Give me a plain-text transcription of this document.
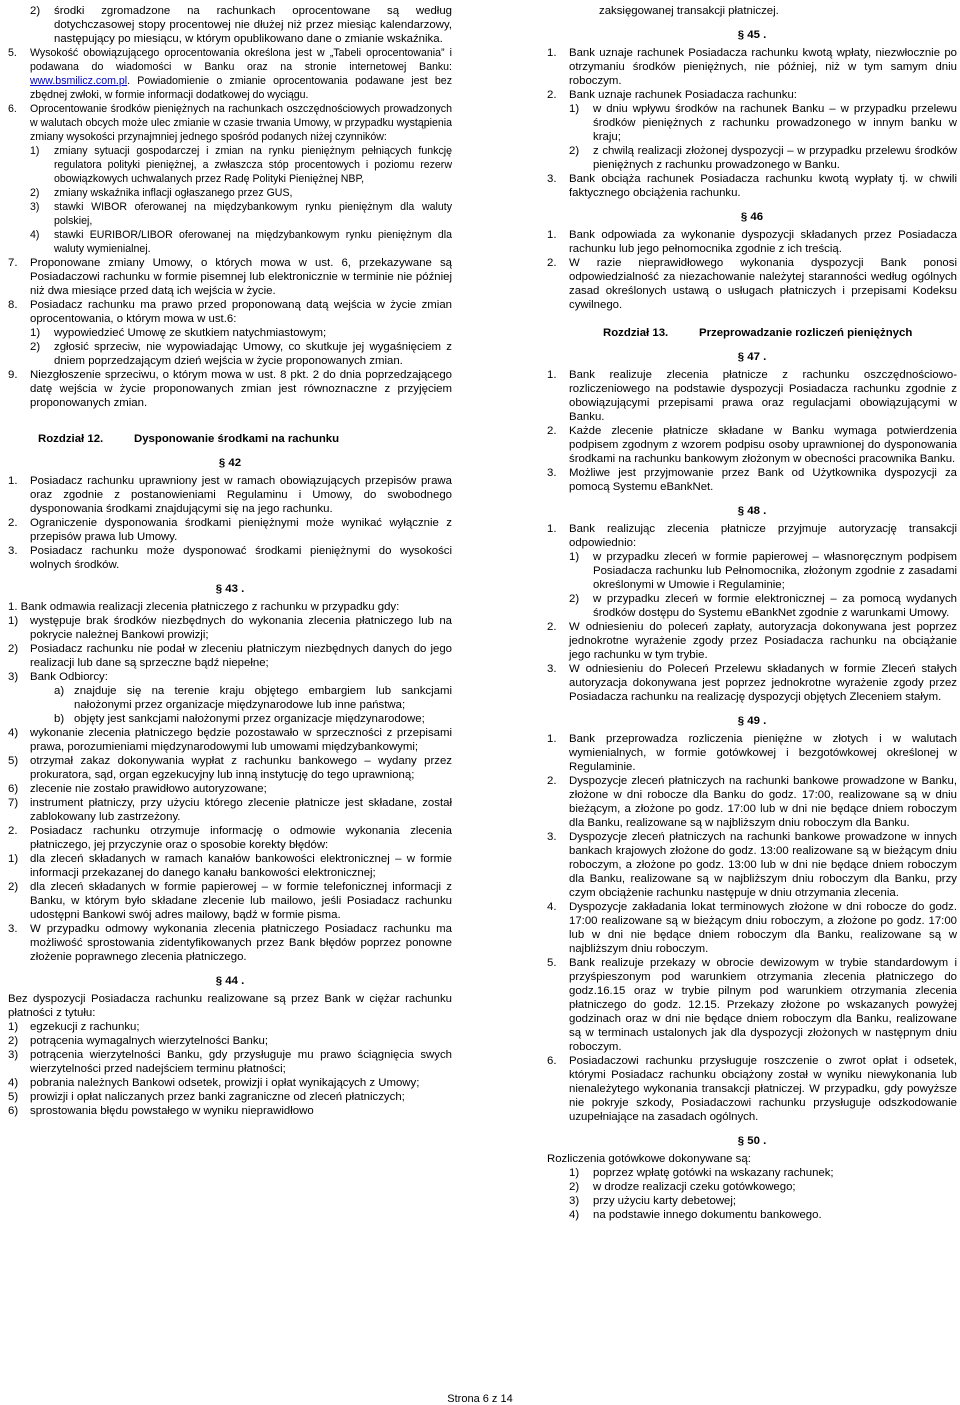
2)	środki zgromadzone na rachunkach oprocentowane są według dotychczasowej stopy procentowej nie dłużej niż przez miesiąc kalendarzowy, następujący po miesiącu, w którym opublikowano dane o zmianie wskaźnika.
5.	Wysokość obowiązującego oprocentowania określona jest w „Tabeli oprocentowania” i podawana do wiadomości w Banku oraz na stronie internetowej Banku: www.bsmilicz.com.pl. Powiadomienie o zmianie oprocentowania podawane jest bez zbędnej zwłoki, w formie informacji dodatkowej do wyciągu.
6.	Oprocentowanie środków pieniężnych na rachunkach oszczędnościowych prowadzonych w walutach obcych może ulec zmianie w czasie trwania Umowy, w przypadku wystąpienia zmiany wysokości przynajmniej jednego spośród podanych niżej czynników:
1)	zmiany sytuacji gospodarczej i zmian na rynku pieniężnym pełniących funkcję regulatora polityki pieniężnej, a zwłaszcza stóp procentowych i poziomu rezerw obowiązkowych uchwalanych przez Radę Polityki Pieniężnej NBP,
2)	zmiany wskaźnika inflacji ogłaszanego przez GUS,
3)	stawki WIBOR oferowanej na międzybankowym rynku pieniężnym dla waluty polskiej,
4)	stawki EURIBOR/LIBOR oferowanej na międzybankowym rynku pieniężnym dla waluty wymienialnej.
7.	Proponowane zmiany Umowy, o których mowa w ust. 6, przekazywane są Posiadaczowi rachunku w formie pisemnej lub elektronicznie w terminie nie później niż dwa miesiące przed datą ich wejścia w życie.
8.	Posiadacz rachunku ma prawo przed proponowaną datą wejścia w życie zmian oprocentowania, o którym mowa w ust.6:
1)	wypowiedzieć Umowę ze skutkiem natychmiastowym;
2)	zgłosić sprzeciw, nie wypowiadając Umowy, co skutkuje jej wygaśnięciem z dniem poprzedzającym dzień wejścia w życie proponowanych zmian.
9.	Niezgłoszenie sprzeciwu, o którym mowa w ust. 8 pkt. 2 do dnia poprzedzającego datę wejścia w życie proponowanych zmian jest równoznaczne z przyjęciem proponowanych zmian.
Rozdział 12.	Dysponowanie środkami na rachunku
§ 42
1.	Posiadacz rachunku uprawniony jest w ramach obowiązujących przepisów prawa oraz zgodnie z postanowieniami Regulaminu i Umowy, do swobodnego dysponowania środkami znajdującymi się na jego rachunku.
2.	Ograniczenie dysponowania środkami pieniężnymi może wynikać wyłącznie z przepisów prawa lub Umowy.
3.	Posiadacz rachunku może dysponować środkami pieniężnymi do wysokości wolnych środków.
§ 43 .

1. Bank odmawia realizacji zlecenia płatniczego z rachunku w przypadku gdy:

1)	występuje brak środków niezbędnych do wykonania zlecenia płatniczego lub na pokrycie należnej Bankowi prowizji;
2)	Posiadacz rachunku nie podał w zleceniu płatniczym niezbędnych danych do jego realizacji lub dane są sprzeczne bądź niepełne;
3)	Bank Odbiorcy:
a) znajduje się na terenie kraju objętego embargiem lub sankcjami nałożonymi przez organizacje międzynarodowe lub inne państwa;
b) objęty jest sankcjami nałożonymi przez organizacje międzynarodowe;
4)	wykonanie zlecenia płatniczego będzie pozostawało w sprzeczności z przepisami prawa, porozumieniami międzynarodowymi lub umowami międzybankowymi;
5)	otrzymał zakaz dokonywania wypłat z rachunku bankowego – wydany przez prokuratora, sąd, organ egzekucyjny lub inną instytucję do tego uprawnioną;
6)	zlecenie nie zostało prawidłowo autoryzowane;
7)	instrument płatniczy, przy użyciu którego zlecenie płatnicze jest składane, został zablokowany lub zastrzeżony.
2.	Posiadacz rachunku otrzymuje informację o odmowie wykonania zlecenia płatniczego, jej przyczynie oraz o sposobie korekty błędów:
1)	dla zleceń składanych w ramach kanałów bankowości elektronicznej – w formie informacji przekazanej do danego kanału bankowości elektronicznej;
2)	dla zleceń składanych w formie papierowej – w formie telefonicznej informacji z Banku, w którym było składane zlecenie lub mailowo, jeśli Posiadacz rachunku udostępni Bankowi swój adres mailowy, bądź w formie pisma.
3.	W przypadku odmowy wykonania zlecenia płatniczego Posiadacz rachunku ma możliwość sprostowania zidentyfikowanych przez Bank błędów poprzez ponowne złożenie poprawnego zlecenia płatniczego.
§ 44 .

Bez dyspozycji Posiadacza rachunku realizowane są przez Bank w ciężar rachunku płatności z tytułu:

1)	egzekucji z rachunku;
2)	potrącenia wymagalnych wierzytelności Banku;
3)	potrącenia wierzytelności Banku, gdy przysługuje mu prawo ściągnięcia swych wierzytelności przed nadejściem terminu płatności;
4)	pobrania należnych Bankowi odsetek, prowizji i opłat wynikających z Umowy;
5)	prowizji i opłat naliczanych przez banki zagraniczne od zleceń płatniczych;
6)	sprostowania błędu powstałego w wyniku nieprawidłowo

zaksięgowanej transakcji płatniczej.

§ 45 .
1.	Bank uznaje rachunek Posiadacza rachunku kwotą wpłaty, niezwłocznie po otrzymaniu środków pieniężnych, nie później, niż w tym samym dniu roboczym.
2.	Bank uznaje rachunek Posiadacza rachunku:
1)	w dniu wpływu środków na rachunek Banku – w przypadku przelewu środków pieniężnych z rachunku prowadzonego w innym banku w kraju;
2)	z chwilą realizacji złożonej dyspozycji – w przypadku przelewu środków pieniężnych z rachunku prowadzonego w Banku.
3.	Bank obciąża rachunek Posiadacza rachunku kwotą wypłaty tj. w chwili faktycznego obciążenia rachunku.
§ 46
1.	Bank odpowiada za wykonanie dyspozycji składanych przez Posiadacza rachunku lub jego pełnomocnika zgodnie z ich treścią.
2.	W razie nieprawidłowego wykonania dyspozycji Bank ponosi odpowiedzialność za niezachowanie należytej staranności według ogólnych zasad określonych ustawą o usługach płatniczych i przepisami Kodeksu cywilnego.
Rozdział 13.	Przeprowadzanie rozliczeń pieniężnych
§ 47 .
1.	Bank realizuje zlecenia płatnicze z rachunku oszczędnościowo-rozliczeniowego na podstawie dyspozycji Posiadacza rachunku zgodnie z obowiązującymi przepisami prawa oraz regulacjami obowiązującymi w Banku.
2.	Każde zlecenie płatnicze składane w Banku wymaga potwierdzenia podpisem zgodnym z wzorem podpisu osoby uprawnionej do dysponowania środkami na rachunku bankowym złożonym w obecności pracownika Banku.
3.	Możliwe jest przyjmowanie przez Bank od Użytkownika dyspozycji za pomocą Systemu eBankNet.
§ 48 .
1.	Bank realizując zlecenia płatnicze przyjmuje autoryzację transakcji odpowiednio:
1)	w przypadku zleceń w formie papierowej – własnoręcznym podpisem Posiadacza rachunku lub Pełnomocnika, złożonym zgodnie z zasadami określonymi w Umowie i Regulaminie;
2)	w przypadku zleceń w formie elektronicznej – za pomocą wydanych środków dostępu do Systemu eBankNet zgodnie z warunkami Umowy.
2.	W odniesieniu do poleceń zapłaty, autoryzacja dokonywana jest poprzez jednokrotne wyrażenie zgody przez Posiadacza rachunku na obciążanie jego rachunku w tym trybie.
3.	W odniesieniu do Poleceń Przelewu składanych w formie Zleceń stałych autoryzacja dokonywana jest poprzez jednokrotne wyrażenie zgody przez Posiadacza rachunku na realizację dyspozycji objętych Zleceniem stałym.
§ 49 .
1.	Bank przeprowadza rozliczenia pieniężne w złotych i w walutach wymienialnych, w formie gotówkowej i bezgotówkowej określonej w Regulaminie.
2.	Dyspozycje zleceń płatniczych na rachunki bankowe prowadzone w Banku, złożone w dni robocze dla Banku do godz. 17:00, realizowane są w dniu bieżącym, a złożone po godz. 17:00 lub w dni nie będące dniem roboczym dla Banku, realizowane są w najbliższym dniu roboczym dla Banku.
3.	Dyspozycje zleceń płatniczych na rachunki bankowe prowadzone w innych bankach krajowych złożone do godz. 13:00 realizowane są w bieżącym dniu roboczym, a złożone po godz. 13:00 lub w dni nie będące dniem roboczym dla Banku, realizowane są w najbliższym dniu roboczym dla Banku, przy czym obciążenie rachunku następuje w dniu otrzymania zlecenia.
4.	Dyspozycje zakładania lokat terminowych złożone w dni robocze do godz. 17:00 realizowane są w bieżącym dniu roboczym, a złożone po godz. 17:00 lub w dni nie będące dniem roboczym dla Banku, realizowane są w najbliższym dniu roboczym.
5.	Bank realizuje przekazy w obrocie dewizowym w trybie standardowym i przyśpieszonym pod warunkiem otrzymania zlecenia płatniczego do godz.16.15 oraz w trybie pilnym pod warunkiem otrzymania zlecenia płatniczego do godz. 12.15. Przekazy złożone po wskazanych powyżej godzinach oraz w dni nie będące dniem roboczym dla Banku, realizowane są w terminach ustalonych jak dla dyspozycji złożonych w następnym dniu roboczym.
6.	Posiadaczowi rachunku przysługuje roszczenie o zwrot opłat i odsetek, którymi Posiadacz rachunku obciążony został w wyniku niewykonania lub nienależytego wykonania transakcji płatniczej. W przypadku, gdy powyższe nie pokryje szkody, Posiadaczowi rachunku przysługuje odszkodowanie uzupełniające na zasadach ogólnych.
§ 50 .

Rozliczenia gotówkowe dokonywane są:

1)	poprzez wpłatę gotówki na wskazany rachunek;
2)	w drodze realizacji czeku gotówkowego;
3)	przy użyciu karty debetowej;
4)	na podstawie innego dokumentu bankowego.
Strona 6 z 14
